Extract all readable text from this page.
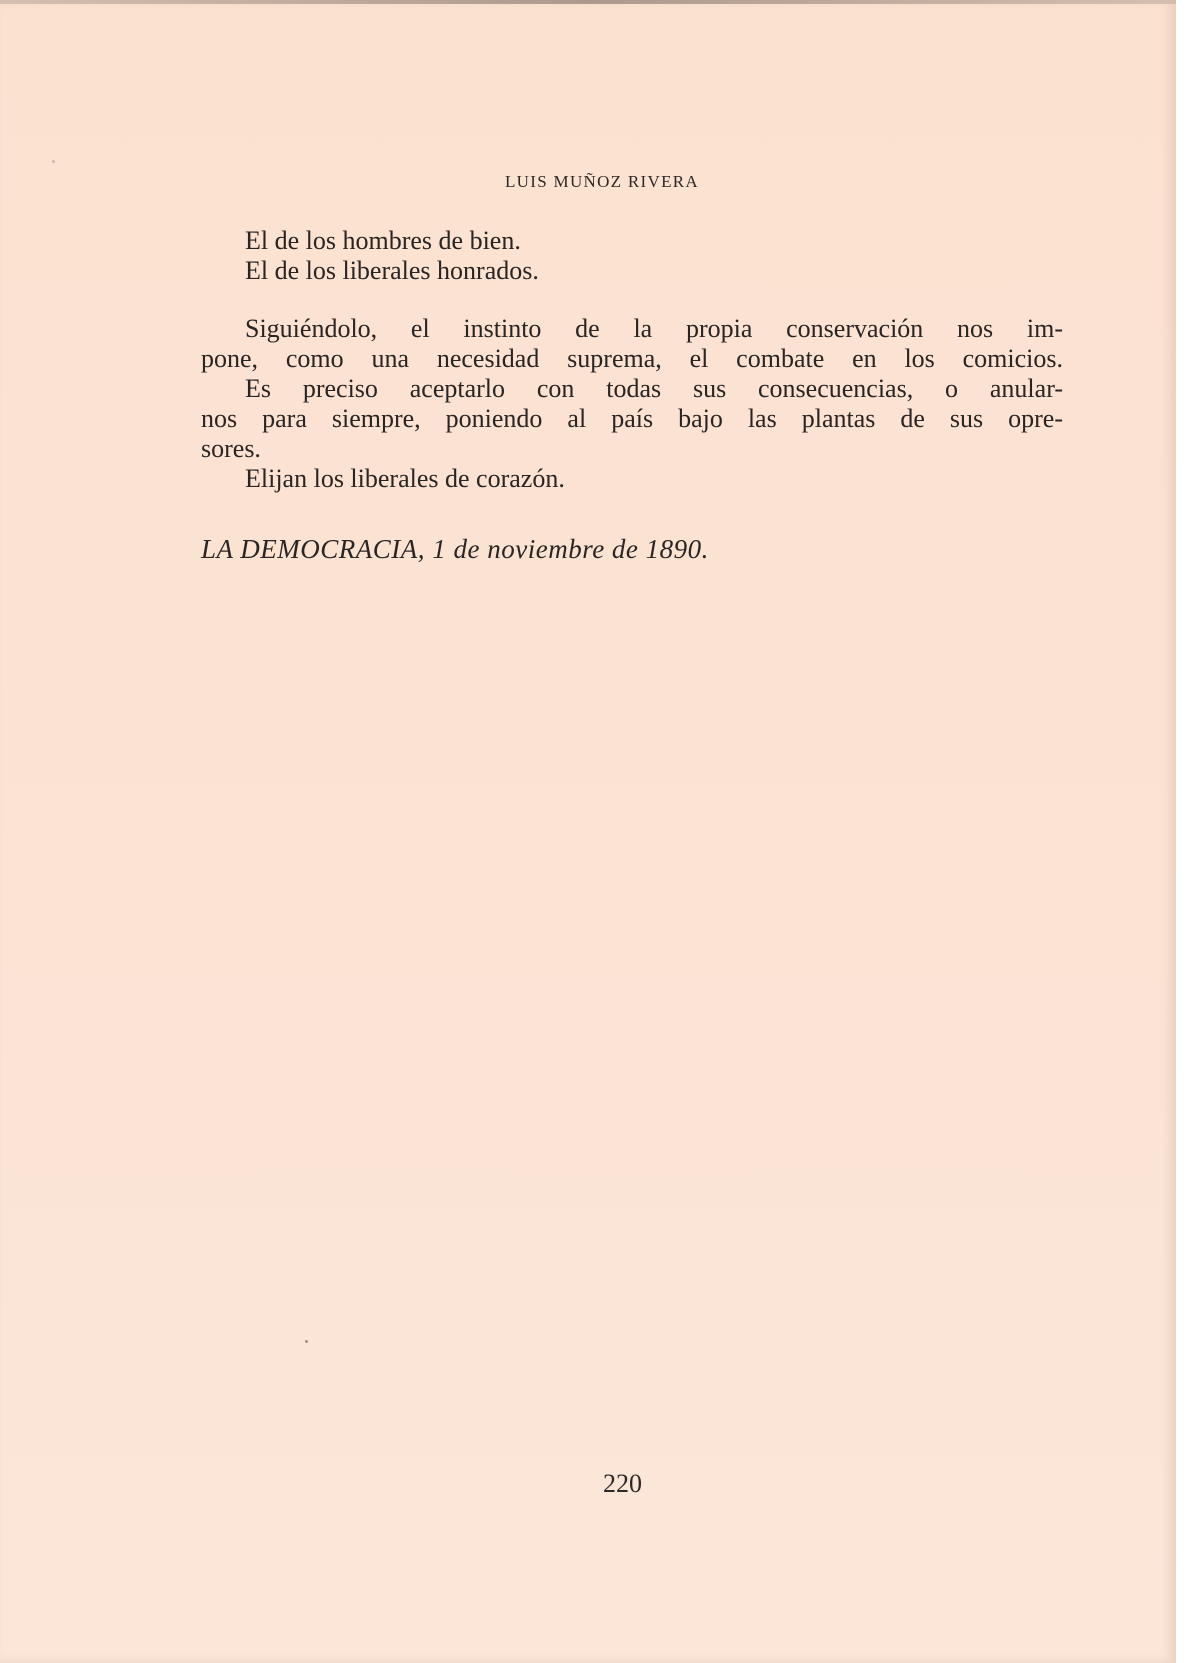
LUIS MUÑOZ RIVERA
El de los hombres de bien.
El de los liberales honrados.
Siguiéndolo, el instinto de la propia conservación nos im-
pone, como una necesidad suprema, el combate en los comicios.
Es preciso aceptarlo con todas sus consecuencias, o anular-
nos para siempre, poniendo al país bajo las plantas de sus opre-
sores.
Elijan los liberales de corazón.
LA DEMOCRACIA, 1 de noviembre de 1890.
220
